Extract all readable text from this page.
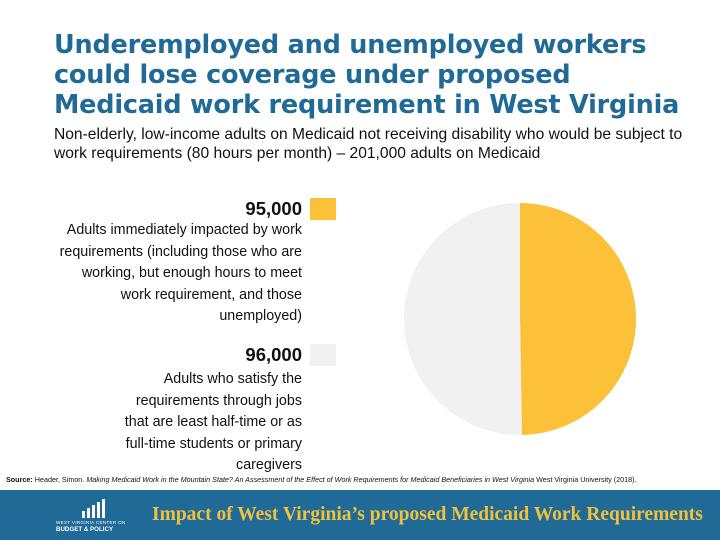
Underemployed and unemployed workers could lose coverage under proposed Medicaid work requirement in West Virginia

Non-elderly, low-income adults on Medicaid not receiving disability who would be subject to work requirements (80 hours per month) – 201,000 adults on Medicaid

95,000
Adults immediately impacted by work requirements (including those who are working, but enough hours to meet work requirement, and those unemployed)
96,000
Adults who satisfy the requirements through jobs that are least half-time or as full-time students or primary caregivers

Source: Header, Simon. Making Medicaid Work in the Mountain State? An Assessment of the Effect of Work Requirements for Medicaid Beneficiaries in West Virginia West Virginia University (2018).

WEST VIRGINIA CENTER ON
BUDGET & POLICY

Impact of West Virginia’s proposed Medicaid Work Requirements
